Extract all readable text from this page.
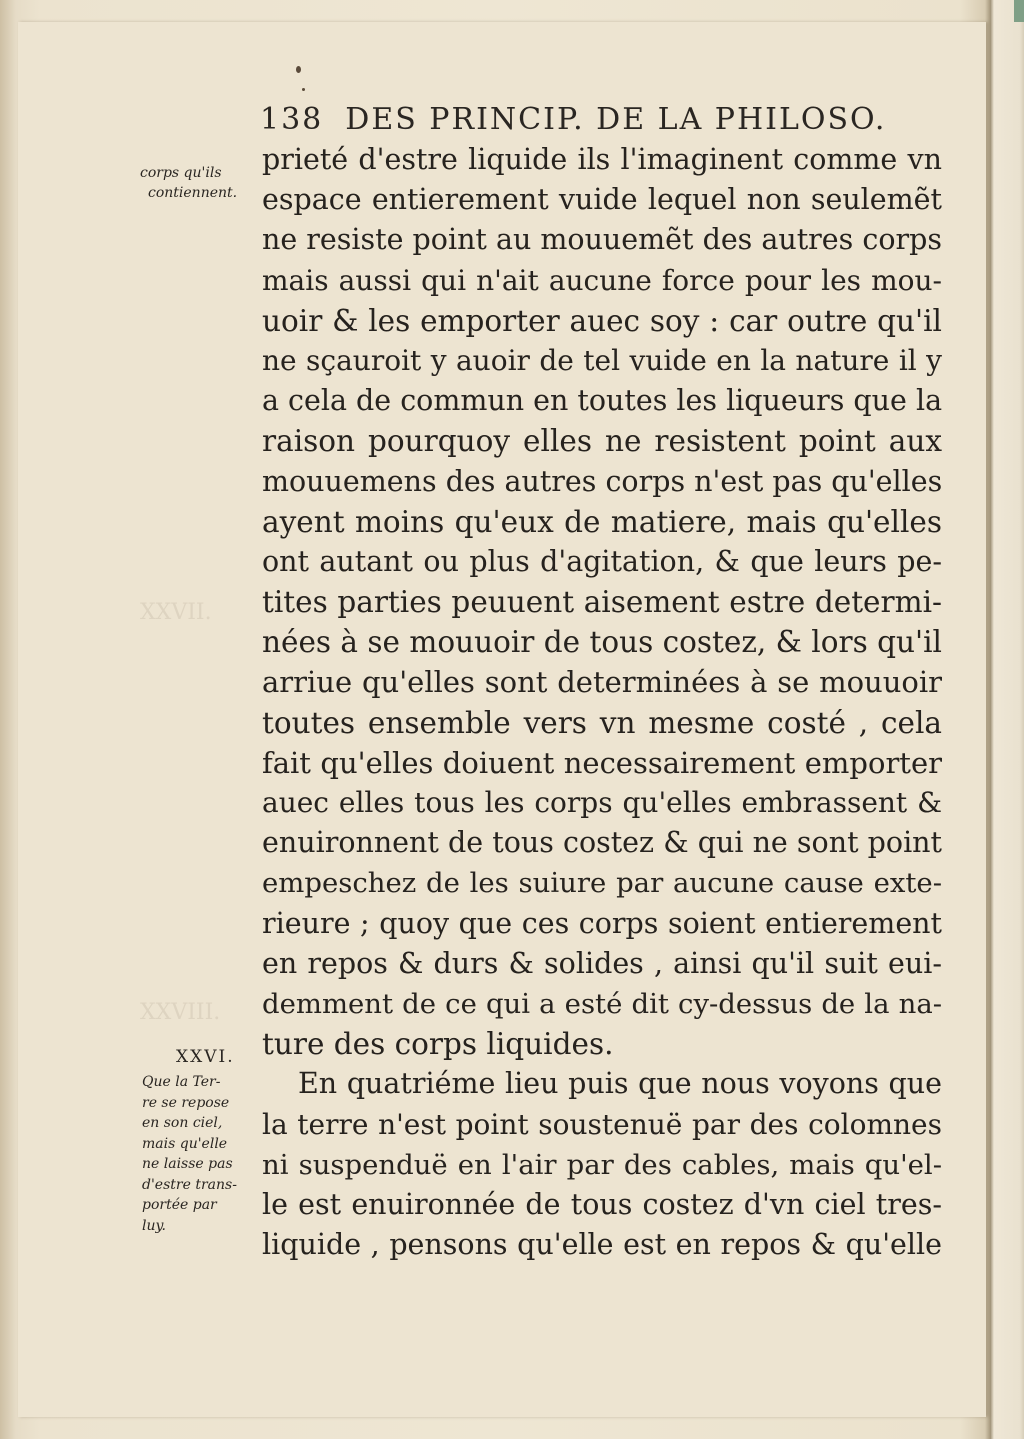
XXVII.
XXVIII.
138 DES PRINCIP. DE LA PHILOSO.
corps qu'ils
contiennent.
XXVI.
Que la Ter-
re se repose
en son ciel,
mais qu'elle
ne laisse pas
d'estre trans-
portée par
luy.
prieté d'estre liquide ils l'imaginent comme vn
espace entierement vuide lequel non seulemẽt
ne resiste point au mouuemẽt des autres corps
mais aussi qui n'ait aucune force pour les mou-
uoir & les emporter auec soy : car outre qu'il
ne sçauroit y auoir de tel vuide en la nature il y
a cela de commun en toutes les liqueurs que la
raison pourquoy elles ne resistent point aux
mouuemens des autres corps n'est pas qu'elles
ayent moins qu'eux de matiere, mais qu'elles
ont autant ou plus d'agitation, & que leurs pe-
tites parties peuuent aisement estre determi-
nées à se mouuoir de tous costez, & lors qu'il
arriue qu'elles sont determinées à se mouuoir
toutes ensemble vers vn mesme costé , cela
fait qu'elles doiuent necessairement emporter
auec elles tous les corps qu'elles embrassent &
enuironnent de tous costez & qui ne sont point
empeschez de les suiure par aucune cause exte-
rieure ; quoy que ces corps soient entierement
en repos & durs & solides , ainsi qu'il suit eui-
demment de ce qui a esté dit cy-dessus de la na-
ture des corps liquides.
En quatriéme lieu puis que nous voyons que
la terre n'est point soustenuë par des colomnes
ni suspenduë en l'air par des cables, mais qu'el-
le est enuironnée de tous costez d'vn ciel tres-
liquide , pensons qu'elle est en repos & qu'elle
